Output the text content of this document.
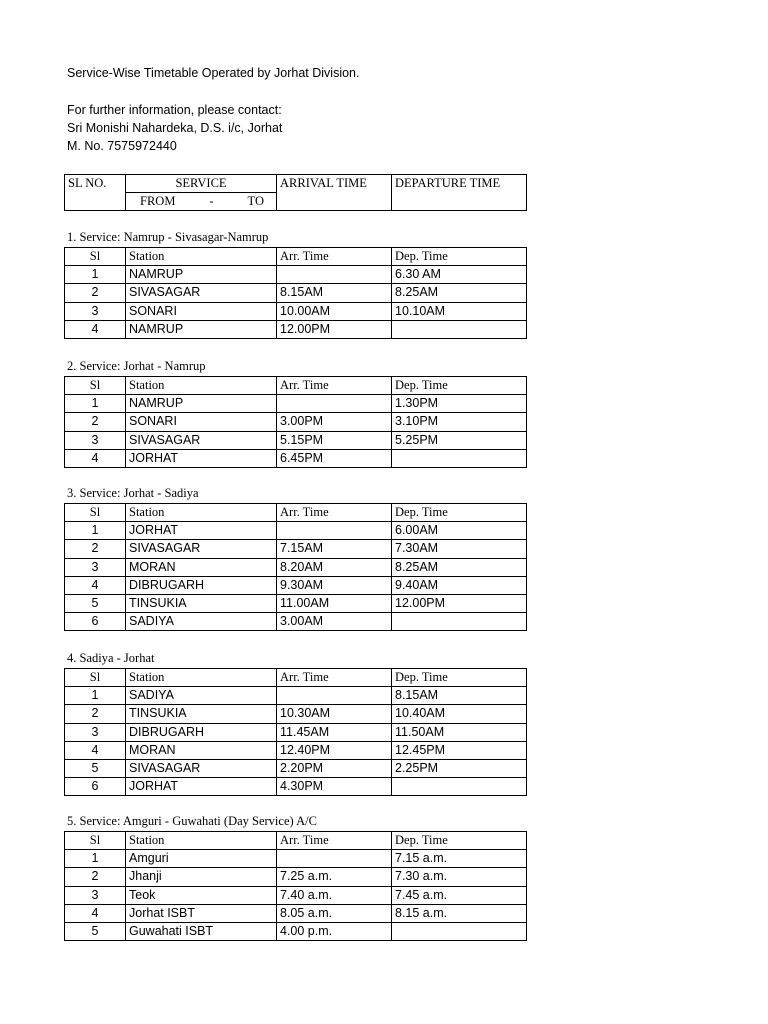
Service-Wise Timetable Operated by Jorhat Division.
For further information, please contact:
Sri Monishi Nahardeka, D.S. i/c, Jorhat
M. No. 7575972440
SL NO.	SERVICE	ARRIVAL TIME	DEPARTURE TIME

FROM	-	TO
1. Service: Namrup - Sivasagar-Namrup
Sl	Station	Arr. Time	Dep. Time
1	NAMRUP		6.30 AM
2	SIVASAGAR	8.15AM	8.25AM
3	SONARI	10.00AM	10.10AM
4	NAMRUP	12.00PM	
2. Service: Jorhat - Namrup
Sl	Station	Arr. Time	Dep. Time
1	NAMRUP		1.30PM
2	SONARI	3.00PM	3.10PM
3	SIVASAGAR	5.15PM	5.25PM
4	JORHAT	6.45PM	
3. Service: Jorhat - Sadiya
Sl	Station	Arr. Time	Dep. Time
1	JORHAT		6.00AM
2	SIVASAGAR	7.15AM	7.30AM
3	MORAN	8.20AM	8.25AM
4	DIBRUGARH	9.30AM	9.40AM
5	TINSUKIA	11.00AM	12.00PM
6	SADIYA	3.00AM	
4. Sadiya - Jorhat
Sl	Station	Arr. Time	Dep. Time
1	SADIYA		8.15AM
2	TINSUKIA	10.30AM	10.40AM
3	DIBRUGARH	11.45AM	11.50AM
4	MORAN	12.40PM	12.45PM
5	SIVASAGAR	2.20PM	2.25PM
6	JORHAT	4.30PM	
5. Service: Amguri - Guwahati (Day Service) A/C
Sl	Station	Arr. Time	Dep. Time
1	Amguri		7.15 a.m.
2	Jhanji	7.25 a.m.	7.30 a.m.
3	Teok	7.40 a.m.	7.45 a.m.
4	Jorhat ISBT	8.05 a.m.	8.15 a.m.
5	Guwahati ISBT	4.00 p.m.	
